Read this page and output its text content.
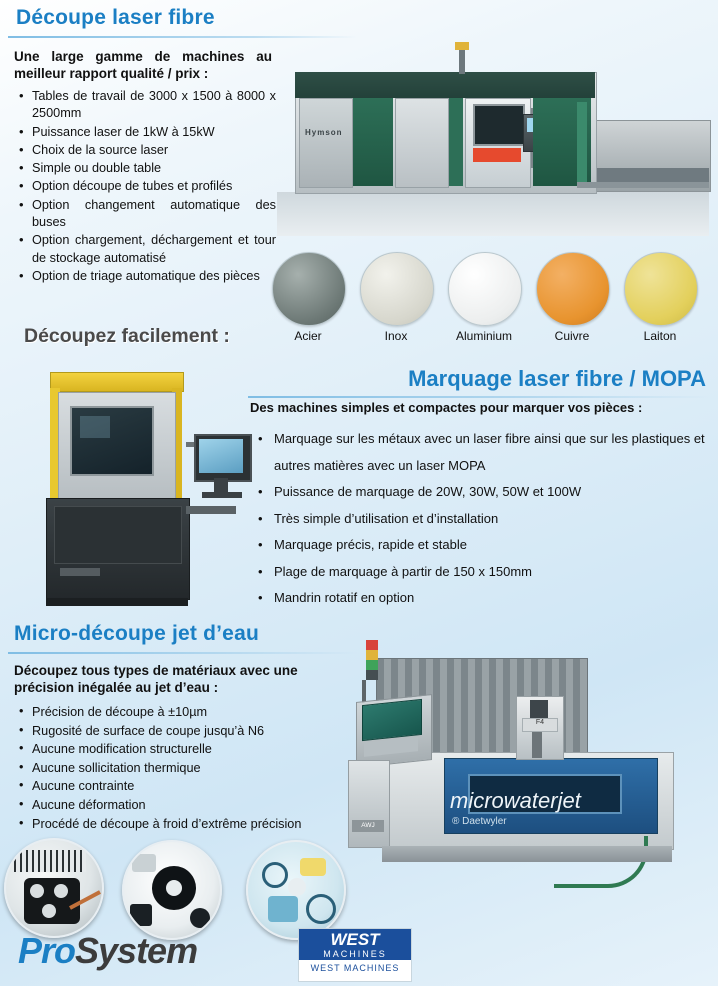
Découpe laser fibre
Une large gamme de machines au meilleur rapport qualité / prix :
• Tables de travail de 3000 x 1500 à 8000 x 2500mm
• Puissance laser de 1kW à 15kW
• Choix de la source laser
• Simple ou double table
• Option découpe de tubes et profilés
• Option changement automatique des buses
• Option chargement, déchargement et tour de stockage automatisé
• Option de triage automatique des pièces
Hymson
Acier	Inox	Aluminium	Cuivre	Laiton
Découpez facilement :
Marquage laser fibre / MOPA
Des machines simples et compactes pour marquer vos pièces :
• Marquage sur les métaux avec un laser fibre ainsi que sur les plastiques et autres matières avec un laser MOPA
• Puissance de marquage de 20W, 30W, 50W et 100W
• Très simple d’utilisation et d’installation
• Marquage précis, rapide et stable
• Plage de marquage à partir de 150 x 150mm
• Mandrin rotatif en option
Micro-découpe jet d’eau
Découpez tous types de matériaux avec une précision inégalée au jet d’eau :
• Précision de découpe à ±10µm
• Rugosité de surface de coupe jusqu’à N6
• Aucune modification structurelle
• Aucune sollicitation thermique
• Aucune contrainte
• Aucune déformation
• Procédé de découpe à froid d’extrême précision
F4
AWJ
microwaterjet
® Daetwyler
ProSystem	WEST
MACHINES
WEST MACHINES
